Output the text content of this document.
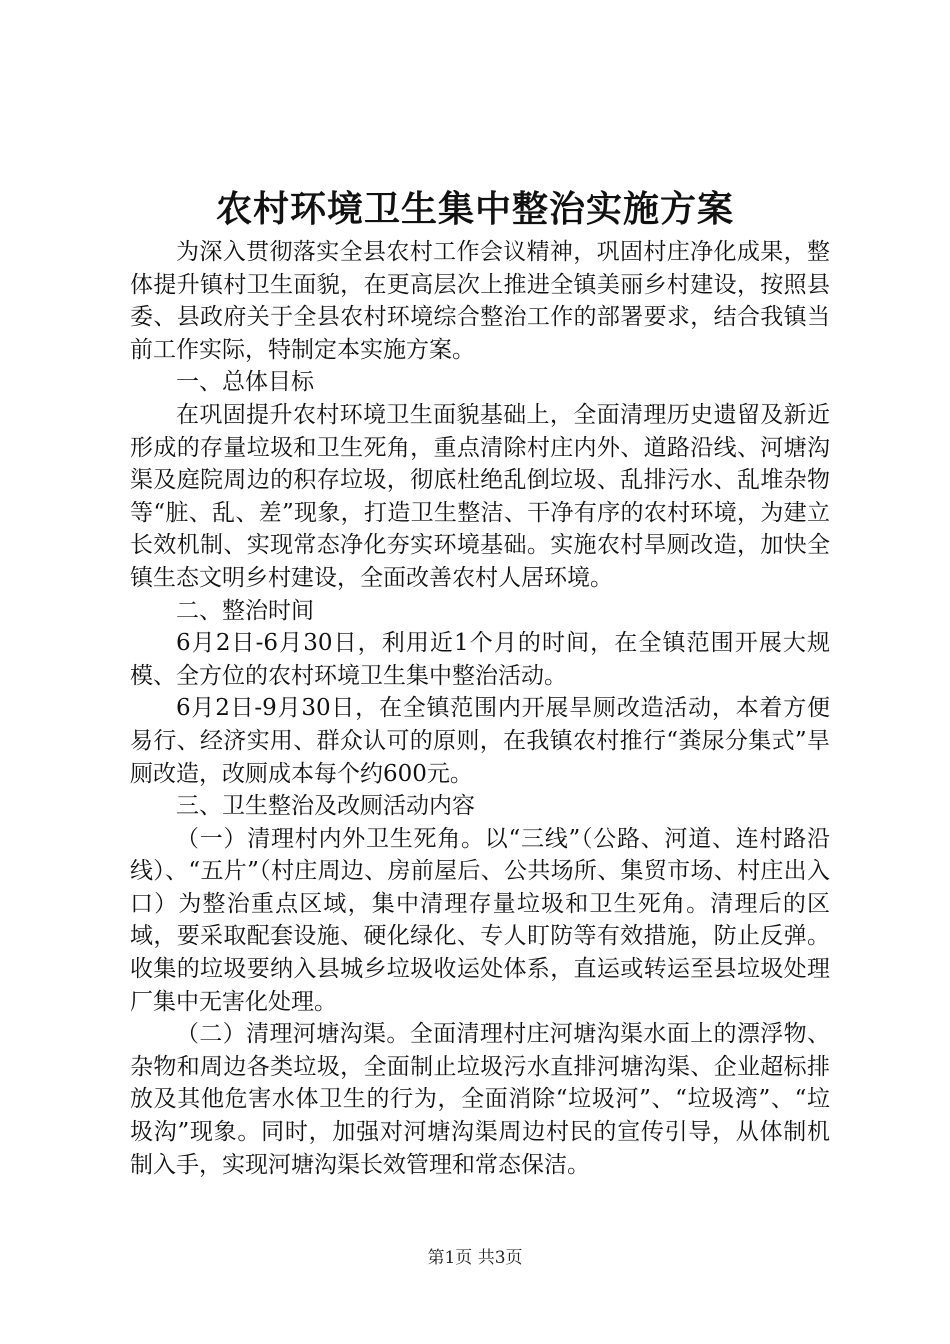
农村环境卫生集中整治实施方案

为深入贯彻落实全县农村工作会议精神，巩固村庄净化成果，整体提升镇村卫生面貌，在更高层次上推进全镇美丽乡村建设，按照县委、县政府关于全县农村环境综合整治工作的部署要求，结合我镇当前工作实际，特制定本实施方案。

一、总体目标

在巩固提升农村环境卫生面貌基础上，全面清理历史遗留及新近形成的存量垃圾和卫生死角，重点清除村庄内外、道路沿线、河塘沟渠及庭院周边的积存垃圾，彻底杜绝乱倒垃圾、乱排污水、乱堆杂物等“脏、乱、差”现象，打造卫生整洁、干净有序的农村环境，为建立长效机制、实现常态净化夯实环境基础。实施农村旱厕改造，加快全镇生态文明乡村建设，全面改善农村人居环境。

二、整治时间

6月2日-6月30日，利用近1个月的时间，在全镇范围开展大规模、全方位的农村环境卫生集中整治活动。

6月2日-9月30日，在全镇范围内开展旱厕改造活动，本着方便易行、经济实用、群众认可的原则，在我镇农村推行“粪尿分集式”旱厕改造，改厕成本每个约600元。

三、卫生整治及改厕活动内容

（一）清理村内外卫生死角。以“三线”（公路、河道、连村路沿线）、“五片”（村庄周边、房前屋后、公共场所、集贸市场、村庄出入口）为整治重点区域，集中清理存量垃圾和卫生死角。清理后的区域，要采取配套设施、硬化绿化、专人盯防等有效措施，防止反弹。收集的垃圾要纳入县城乡垃圾收运处体系，直运或转运至县垃圾处理厂集中无害化处理。

（二）清理河塘沟渠。全面清理村庄河塘沟渠水面上的漂浮物、杂物和周边各类垃圾，全面制止垃圾污水直排河塘沟渠、企业超标排放及其他危害水体卫生的行为，全面消除“垃圾河”、“垃圾湾”、“垃圾沟”现象。同时，加强对河塘沟渠周边村民的宣传引导，从体制机制入手，实现河塘沟渠长效管理和常态保洁。

第1页 共3页
